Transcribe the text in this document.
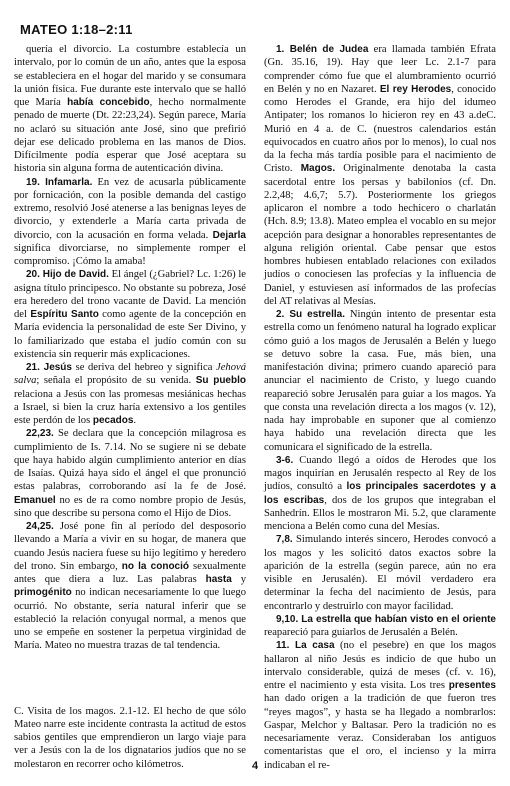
MATEO 1:18–2:11

quería el divorcio. La costumbre establecía un intervalo, por lo común de un año, antes que la esposa se estableciera en el hogar del marido y se consumara la unión física. Fue durante este intervalo que se halló que María había concebido, hecho normalmente penado de muerte (Dt. 22:23,24). Según parece, María no aclaró su situación ante José, sino que prefirió dejar ese delicado problema en las manos de Dios. Difícilmente podía esperar que José aceptara su historia sin alguna forma de autenticación divina.

19. Infamarla. En vez de acusarla públicamente por fornicación, con la posible demanda del castigo extremo, resolvió José atenerse a las benignas leyes de divorcio, y extenderle a María carta privada de divorcio, con la acusación en forma velada. Dejarla significa divorciarse, no simplemente romper el compromiso. ¡Cómo la amaba!

20. Hijo de David. El ángel (¿Gabriel? Lc. 1:26) le asigna título principesco. No obstante su pobreza, José era heredero del trono vacante de David. La mención del Espíritu Santo como agente de la concepción en María evidencia la personalidad de este Ser Divino, y lo familiarizado que estaba el judío común con su existencia sin requerir más explicaciones.

21. Jesús se deriva del hebreo y significa Jehová salva; señala el propósito de su venida. Su pueblo relaciona a Jesús con las promesas mesiánicas hechas a Israel, si bien la cruz haría extensivo a los gentiles este perdón de los pecados.

22,23. Se declara que la concepción milagrosa es cumplimiento de Is. 7.14. No se sugiere ni se debate que haya habido algún cumplimiento anterior en días de Isaías. Quizá haya sido el ángel el que pronunció estas palabras, corroborando así la fe de José. Emanuel no es de ra como nombre propio de Jesús, sino que describe su persona como el Hijo de Dios.

24,25. José pone fin al período del desposorio llevando a María a vivir en su hogar, de manera que cuando Jesús naciera fuese su hijo legítimo y heredero del trono. Sin embargo, no la conoció sexualmente antes que diera a luz. Las palabras hasta y primogénito no indican necesariamente lo que luego ocurrió. No obstante, sería natural inferir que se estableció la relación conyugal normal, a menos que uno se empeñe en sostener la perpetua virginidad de María. Mateo no muestra trazas de tal tendencia.

C. Visita de los magos. 2.1-12. El hecho de que sólo Mateo narre este incidente contrasta la actitud de estos sabios gentiles que emprendieron un largo viaje para ver a Jesús con la de los dignatarios judíos que no se molestaron en recorrer ocho kilómetros.

1. Belén de Judea era llamada también Efrata (Gn. 35.16, 19). Hay que leer Lc. 2.1-7 para comprender cómo fue que el alumbramiento ocurrió en Belén y no en Nazaret. El rey Herodes, conocido como Herodes el Grande, era hijo del idumeo Antipater; los romanos lo hicieron rey en 43 a.deC. Murió en 4 a. de C. (nuestros calendarios están equivocados en cuatro años por lo menos), lo cual nos da la fecha más tardía posible para el nacimiento de Cristo. Magos. Originalmente denotaba la casta sacerdotal entre los persas y babilonios (cf. Dn. 2.2,48; 4.6,7; 5.7). Posteriormente los griegos aplicaron el nombre a todo hechicero o charlatán (Hch. 8.9; 13.8). Mateo emplea el vocablo en su mejor acepción para designar a honorables representantes de alguna religión oriental. Cabe pensar que estos hombres hubiesen entablado relaciones con exilados judíos o conociesen las profecías y la influencia de Daniel, y estuviesen así informados de las profecías del AT relativas al Mesías.

2. Su estrella. Ningún intento de presentar esta estrella como un fenómeno natural ha logrado explicar cómo guió a los magos de Jerusalén a Belén y luego se detuvo sobre la casa. Fue, más bien, una manifestación divina; primero cuando apareció para anunciar el nacimiento de Cristo, y luego cuando reapareció sobre Jerusalén para guiar a los magos. Ya que consta una revelación directa a los magos (v. 12), nada hay improbable en suponer que al comienzo haya habido una revelación directa que les comunicara el significado de la estrella.

3-6. Cuando llegó a oídos de Herodes que los magos inquirían en Jerusalén respecto al Rey de los judíos, consultó a los principales sacerdotes y a los escribas, dos de los grupos que integraban el Sanhedrín. Ellos le mostraron Mi. 5.2, que claramente menciona a Belén como cuna del Mesías.

7,8. Simulando interés sincero, Herodes convocó a los magos y les solicitó datos exactos sobre la aparición de la estrella (según parece, aún no era visible en Jerusalén). El móvil verdadero era determinar la fecha del nacimiento de Jesús, para encontrarlo y destruirlo con mayor facilidad.

9,10. La estrella que habían visto en el oriente reapareció para guiarlos de Jerusalén a Belén.

11. La casa (no el pesebre) en que los magos hallaron al niño Jesús es indicio de que hubo un intervalo considerable, quizá de meses (cf. v. 16), entre el nacimiento y esta visita. Los tres presentes han dado origen a la tradición de que fueron tres “reyes magos”, y hasta se ha llegado a nombrarlos: Gaspar, Melchor y Baltasar. Pero la tradición no es necesariamente veraz. Consideraban los antiguos comentaristas que el oro, el incienso y la mirra indicaban el re-

4
